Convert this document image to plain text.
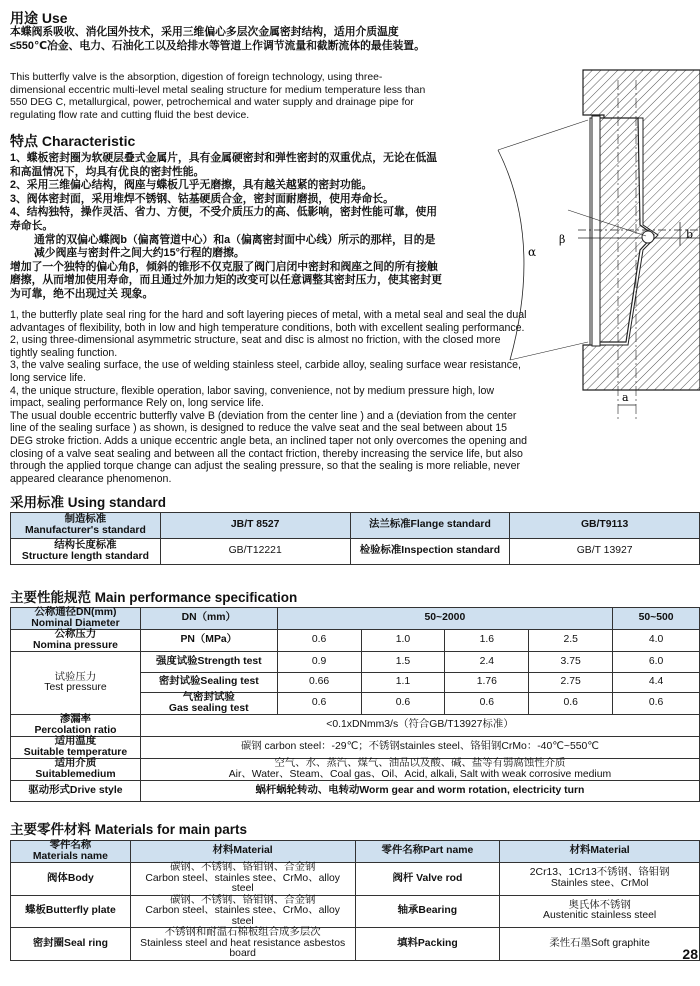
用途 Use

本蝶阀系吸收、消化国外技术，采用三维偏心多层次金属密封结构，适用介质温度≤550℃冶金、电力、石油化工以及给排水等管道上作调节流量和截断流体的最佳装置。

This butterfly valve is the absorption, digestion of foreign technology, using three-dimensional eccentric multi-level metal sealing structure for medium temperature less than 550 DEG C, metallurgical, power, petrochemical and water supply and drainage pipe for regulating flow rate and cutting fluid the best device.

特点 Characteristic

1、蝶板密封圈为软硬层叠式金属片，具有金属硬密封和弹性密封的双重优点，无论在低温和高温情况下，均具有优良的密封性能。

2、采用三维偏心结构，阀座与蝶板几乎无磨擦，具有越关越紧的密封功能。

3、阀体密封面，采用堆焊不锈钢、钴基硬质合金，密封面耐磨损，使用寿命长。

4、结构独特，操作灵活、省力、方便，不受介质压力的高、低影响，密封性能可靠，使用寿命长。

通常的双偏心蝶阀b（偏离管道中心）和a（偏离密封面中心线）所示的那样，目的是减少阀座与密封件之间大约15°行程的磨擦。

增加了一个独特的偏心角β，倾斜的锥形不仅克服了阀门启闭中密封和阀座之间的所有接触磨擦，从而增加使用寿命，而且通过外加力矩的改变可以任意调整其密封压力，使其密封更为可靠，绝不出现过关 现象。

1, the butterfly plate seal ring for the hard and soft layering pieces of metal, with a metal seal and seal the dual advantages of flexibility, both in low and high temperature conditions, both with excellent sealing performance.

2, using three-dimensional asymmetric structure, seat and disc is almost no friction, with the closed more tightly sealing function.

3, the valve sealing surface, the use of welding stainless steel, carbide alloy, sealing surface wear resistance, long service life.

4, the unique structure, flexible operation, labor saving, convenience, not by medium pressure high, low impact, sealing performance Rely on, long service life.

The usual double eccentric butterfly valve B (deviation from the center line ) and a (deviation from the center line of the sealing surface ) as shown, is designed to reduce the valve seat and the seal between about 15 DEG stroke friction. Adds a unique eccentric angle beta, an inclined taper not only overcomes the opening and closing of a valve seat sealing and between all the contact friction, thereby increasing the service life, but also through the applied torque change can adjust the sealing pressure, so that the sealing is more reliable, never appeared clearance phenomenon.

α
β	b
a
采用标准 Using standard
制造标准
Manufacturer's standard	JB/T 8527	法兰标准Flange standard	GB/T9113
结构长度标准
Structure length standard	GB/T12221	检验标准Inspection standard	GB/T 13927
主要性能规范 Main performance specification
公称通径DN(mm)
Nominal Diameter	DN（mm）	50~2000				50~500
公称压力
Nomina pressure	PN（MPa）	0.6	1.0	1.6	2.5	4.0
试验压力
Test pressure	强度试验Strength test	0.9	1.5	2.4	3.75	6.0
	密封试验Sealing test	0.66	1.1	1.76	2.75	4.4
	气密封试验
Gas sealing test	0.6	0.6	0.6	0.6	0.6
渗漏率
Percolation ratio	<0.1xDNmm3/s（符合GB/T13927标准）					
适用温度
Suitable temperature	碳钢 carbon steel：-29℃；不锈钢stainles steel、铬钼钢CrMo：-40℃~550℃					
适用介质
Suitablemedium	空气、水、蒸汽、煤气、油品以及酸、碱、盐等有弱腐蚀性介质
Air、Water、Steam、Coal gas、Oil、Acid, alkali, Salt with weak corrosive medium					
驱动形式Drive style	蜗杆蜗轮转动、电转动Worm gear and worm rotation, electricity turn					
主要零件材料 Materials for main parts
零件名称
Materials name	材料Material	零件名称Part name	材料Material
阀体Body	碳钢、不锈钢、铬钼钢、合金钢
Carbon steel、stainles stee、CrMo、alloy steel	阀杆 Valve rod	2Cr13、1Cr13不锈钢、铬钼钢
Stainles stee、CrMol
蝶板Butterfly plate	碳钢、不锈钢、铬钼钢、合金钢
Carbon steel、stainles stee、CrMo、alloy steel	轴承Bearing	奥氏体不锈钢
Austenitic stainless steel
密封圈Seal ring	不锈钢和耐温石棉板组合成多层次
Stainless steel and heat resistance asbestos board	填料Packing	柔性石墨Soft graphite
28
